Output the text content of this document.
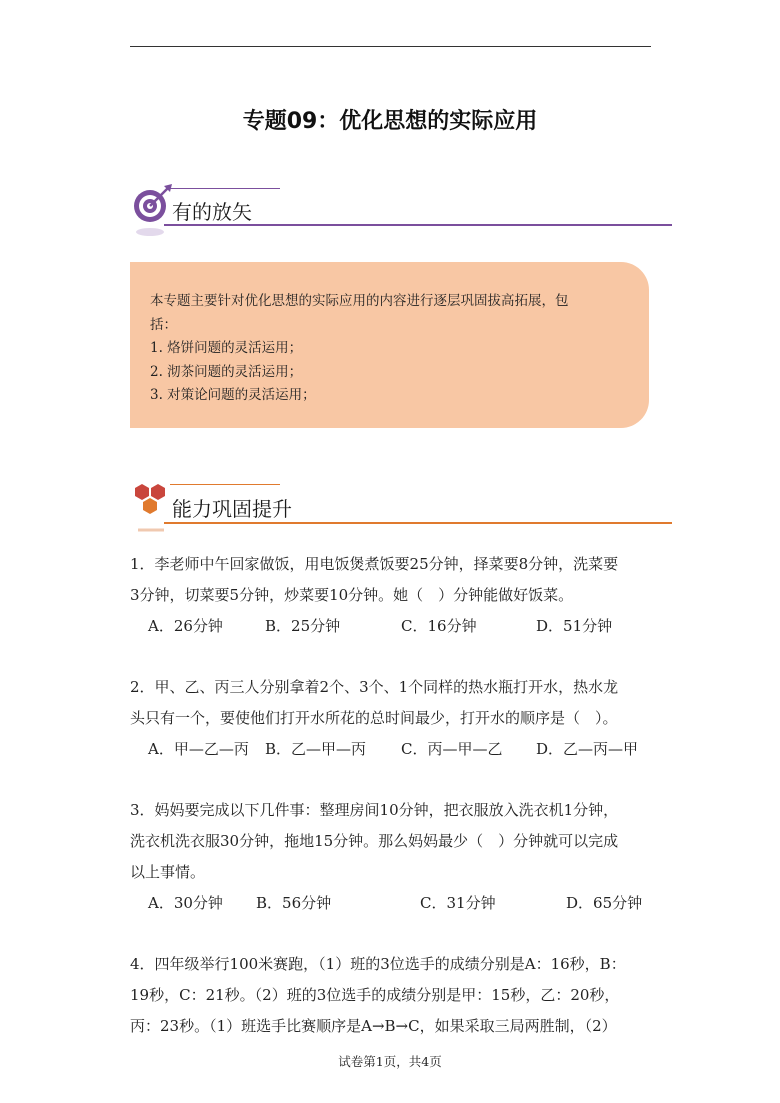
专题09：优化思想的实际应用
有的放矢

本专题主要针对优化思想的实际应用的内容进行逐层巩固拔高拓展，包

括：

1. 烙饼问题的灵活运用；

2. 沏茶问题的灵活运用；

3. 对策论问题的灵活运用；

能力巩固提升

1．李老师中午回家做饭，用电饭煲煮饭要25分钟，择菜要8分钟，洗菜要

3分钟，切菜要5分钟，炒菜要10分钟。她（　）分钟能做好饭菜。

A．26分钟	B．25分钟	C．16分钟	D．51分钟

2．甲、乙、丙三人分别拿着2个、3个、1个同样的热水瓶打开水，热水龙

头只有一个，要使他们打开水所花的总时间最少，打开水的顺序是（　）。

A．甲—乙—丙 B．乙—甲—丙 C．丙—甲—乙 D．乙—丙—甲

3．妈妈要完成以下几件事：整理房间10分钟，把衣服放入洗衣机1分钟，

洗衣机洗衣服30分钟，拖地15分钟。那么妈妈最少（　）分钟就可以完成

以上事情。

A．30分钟 B．56分钟	C．31分钟	D．65分钟

4．四年级举行100米赛跑，（1）班的3位选手的成绩分别是A：16秒，B：

19秒，C：21秒。（2）班的3位选手的成绩分别是甲：15秒，乙：20秒，

丙：23秒。（1）班选手比赛顺序是A→B→C，如果采取三局两胜制，（2）

试卷第1页，共4页
